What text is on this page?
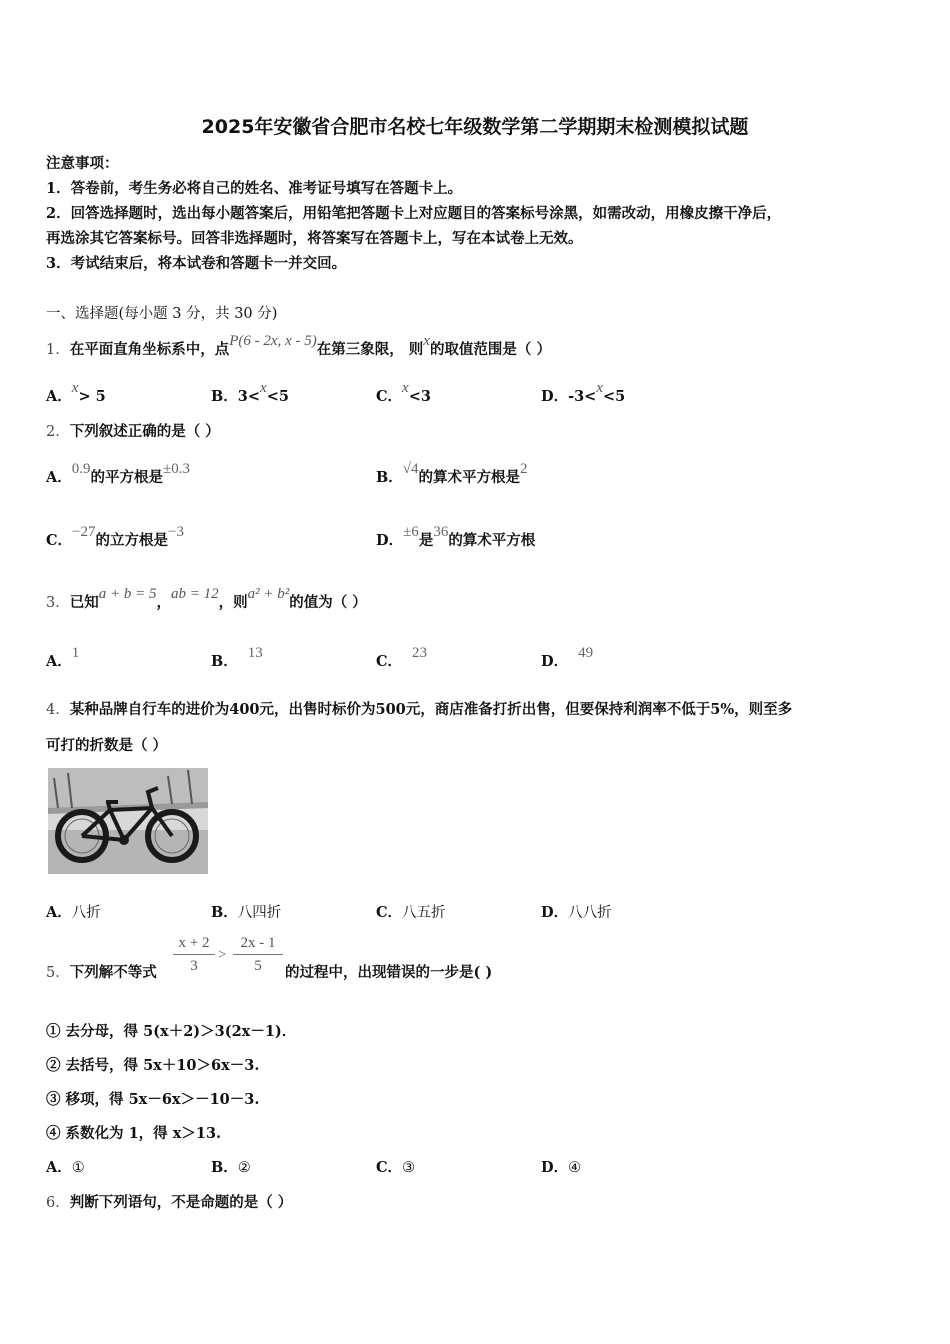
2025年安徽省合肥市名校七年级数学第二学期期末检测模拟试题
注意事项：
1．答卷前，考生务必将自己的姓名、准考证号填写在答题卡上。
2．回答选择题时，选出每小题答案后，用铅笔把答题卡上对应题目的答案标号涂黑，如需改动，用橡皮擦干净后，
再选涂其它答案标号。回答非选择题时，将答案写在答题卡上，写在本试卷上无效。
3．考试结束后，将本试卷和答题卡一并交回。
一、选择题(每小题 3 分，共 30 分)
1．在平面直角坐标系中，点P(6 - 2x, x - 5)在第三象限， 则x的取值范围是（ ）
A．x> 5	B．3<x<5	C．x<3	D．-3<x<5
2．下列叙述正确的是（ ）
A．0.9的平方根是±0.3	B．√4的算术平方根是2
C．−27的立方根是−3	D．±6是36的算术平方根
3．已知a + b = 5，ab = 12，则a² + b²的值为（ ）
A．1	B． 13	C． 23	D． 49
4．某种品牌自行车的进价为400元，出售时标价为500元，商店准备打折出售，但要保持利润率不低于5%，则至多
可打的折数是（ ）
A．八折	B．八四折	C．八五折	D．八八折
5．下列解不等式 $\frac{x + 2}{3} > \frac{2x - 1}{5}$ 的过程中，出现错误的一步是( )
① 去分母，得 5(x＋2)＞3(2x－1)．
② 去括号，得 5x＋10＞6x－3.
③ 移项，得 5x－6x＞－10－3.
④ 系数化为 1，得 x＞13.
A．①	B．②	C．③	D．④
6．判断下列语句，不是命题的是（ ）
